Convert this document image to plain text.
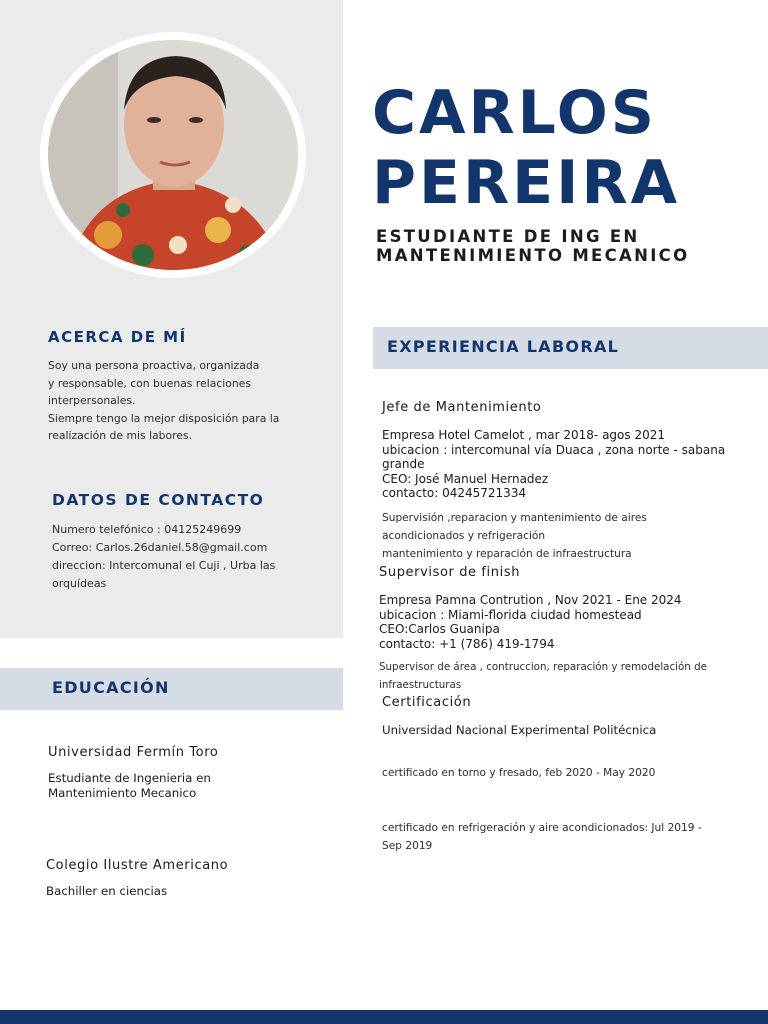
CARLOS
PEREIRA
ESTUDIANTE DE ING EN
MANTENIMIENTO MECANICO
ACERCA DE MÍ
Soy una persona proactiva, organizada
y responsable, con buenas relaciones
interpersonales.
Siempre tengo la mejor disposición para la
realización de mis labores.
DATOS DE CONTACTO
Numero telefónico : 04125249699
Correo: Carlos.26daniel.58@gmail.com
direccion: Intercomunal el Cuji , Urba las
orquídeas
EDUCACIÓN
Universidad Fermín Toro
Estudiante de Ingenieria en
Mantenimiento Mecanico
Colegio Ilustre Americano
Bachiller en ciencias
EXPERIENCIA LABORAL
Jefe de Mantenimiento
Empresa Hotel Camelot , mar 2018- agos 2021
ubicacion : intercomunal vía Duaca , zona norte - sabana
grande
CEO: José Manuel Hernadez
contacto: 04245721334
Supervisión ,reparacion y mantenimiento de aires
acondicionados y refrigeración
mantenimiento y reparación de infraestructura
Supervisor de finish
Empresa Pamna Contrution , Nov 2021 - Ene 2024
ubicacion : Miami-florida ciudad homestead
CEO:Carlos Guanipa
contacto: +1 (786) 419-1794
Supervisor de área , contruccion, reparación y remodelación de
infraestructuras
Certificación
Universidad Nacional Experimental Politécnica
certificado en torno y fresado, feb 2020 - May 2020
certificado en refrigeración y aire acondicionados: Jul 2019 -
Sep 2019
